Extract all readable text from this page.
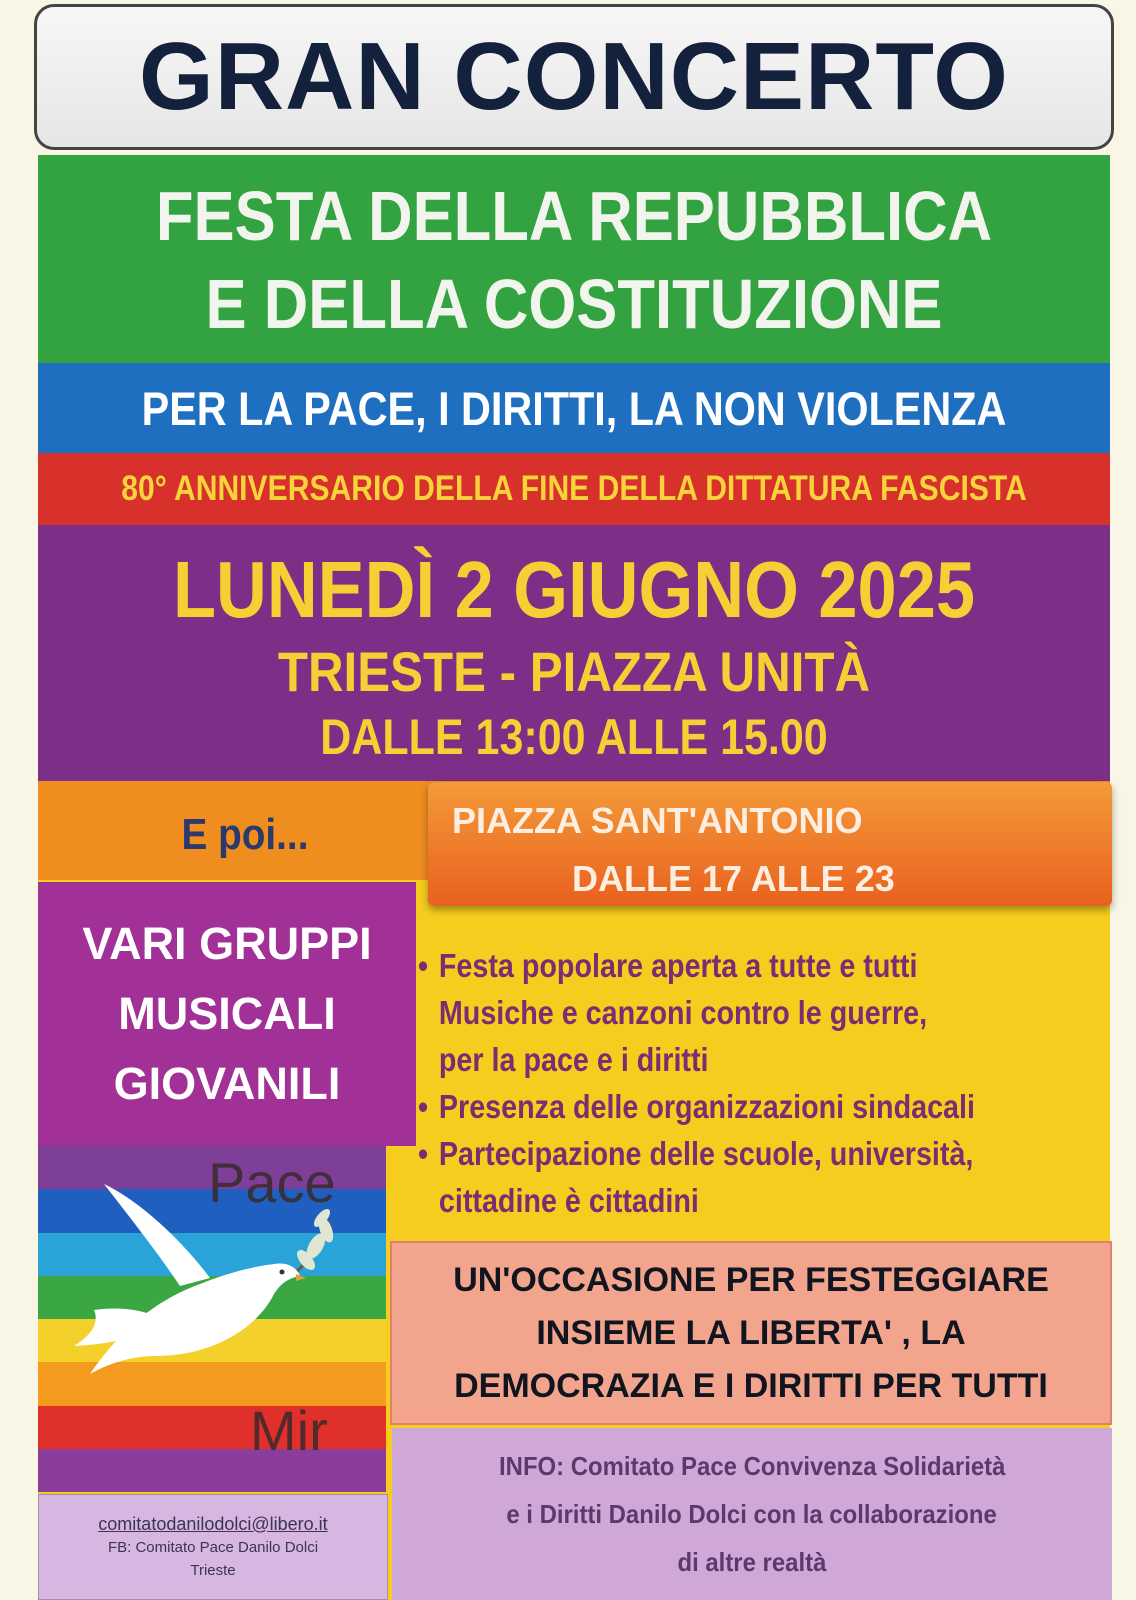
GRAN CONCERTO
FESTA DELLA REPUBBLICA
E DELLA COSTITUZIONE
PER LA PACE, I DIRITTI, LA NON VIOLENZA
80° ANNIVERSARIO DELLA FINE DELLA DITTATURA FASCISTA
LUNEDÌ 2 GIUGNO 2025
TRIESTE - PIAZZA UNITÀ
DALLE 13:00 ALLE 15.00
E poi...	PIAZZA SANT'ANTONIO
DALLE 17 ALLE 23
VARI GRUPPI
MUSICALI
GIOVANILI
• Festa popolare aperta a tutte e tutti
Musiche e canzoni contro le guerre,
per la pace e i diritti
• Presenza delle organizzazioni sindacali
• Partecipazione delle scuole, università,
cittadine è cittadini
Pace
Mir
UN'OCCASIONE PER FESTEGGIARE
INSIEME LA LIBERTA' , LA
DEMOCRAZIA E I DIRITTI PER TUTTI
INFO: Comitato Pace Convivenza Solidarietà
e i Diritti Danilo Dolci con la collaborazione
di altre realtà
comitatodanilodolci@libero.it
FB: Comitato Pace Danilo Dolci
Trieste
